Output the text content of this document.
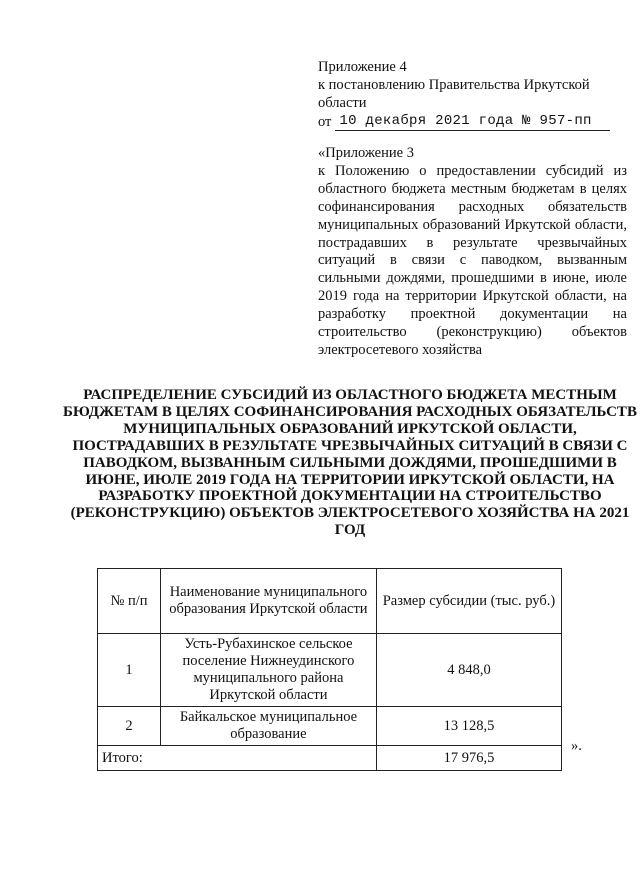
Приложение 4
к постановлению Правительства Иркутской области
от 10 декабря 2021 года № 957-пп
«Приложение 3
к Положению о предоставлении субсидий из областного бюджета местным бюджетам в целях софинансирования расходных обязательств муниципальных образований Иркутской области, пострадавших в результате чрезвычайных ситуаций в связи с паводком, вызванным сильными дождями, прошедшими в июне, июле 2019 года на территории Иркутской области, на разработку проектной документации на строительство (реконструкцию) объектов электросетевого хозяйства
РАСПРЕДЕЛЕНИЕ СУБСИДИЙ ИЗ ОБЛАСТНОГО БЮДЖЕТА МЕСТНЫМ БЮДЖЕТАМ В ЦЕЛЯХ СОФИНАНСИРОВАНИЯ РАСХОДНЫХ ОБЯЗАТЕЛЬСТВ МУНИЦИПАЛЬНЫХ ОБРАЗОВАНИЙ ИРКУТСКОЙ ОБЛАСТИ, ПОСТРАДАВШИХ В РЕЗУЛЬТАТЕ ЧРЕЗВЫЧАЙНЫХ СИТУАЦИЙ В СВЯЗИ С ПАВОДКОМ, ВЫЗВАННЫМ СИЛЬНЫМИ ДОЖДЯМИ, ПРОШЕДШИМИ В ИЮНЕ, ИЮЛЕ 2019 ГОДА НА ТЕРРИТОРИИ ИРКУТСКОЙ ОБЛАСТИ, НА РАЗРАБОТКУ ПРОЕКТНОЙ ДОКУМЕНТАЦИИ НА СТРОИТЕЛЬСТВО (РЕКОНСТРУКЦИЮ) ОБЪЕКТОВ ЭЛЕКТРОСЕТЕВОГО ХОЗЯЙСТВА НА 2021 ГОД
№ п/п	Наименование муниципального образования Иркутской области	Размер субсидии (тыс. руб.)
1	Усть-Рубахинское сельское поселение Нижнеудинского муниципального района Иркутской области	4 848,0
2	Байкальское муниципальное образование	13 128,5
Итого:		17 976,5
».
